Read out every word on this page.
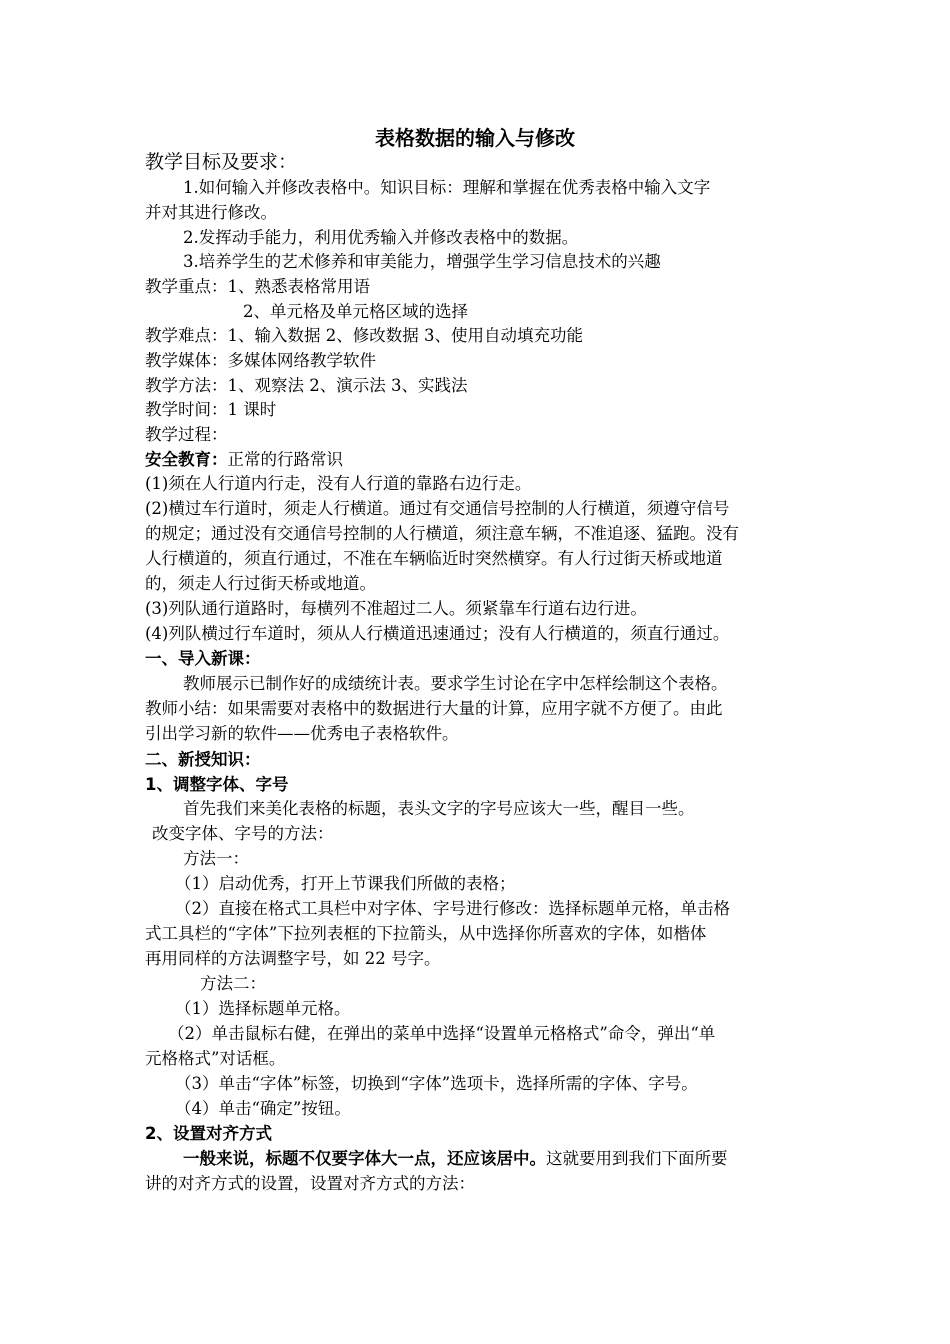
表格数据的输入与修改
教学目标及要求：
1.如何输入并修改表格中。知识目标：理解和掌握在优秀表格中输入文字
并对其进行修改。
2.发挥动手能力，利用优秀输入并修改表格中的数据。
3.培养学生的艺术修养和审美能力，增强学生学习信息技术的兴趣
教学重点：1、熟悉表格常用语
2、单元格及单元格区域的选择
教学难点：1、输入数据 2、修改数据 3、使用自动填充功能
教学媒体：多媒体网络教学软件
教学方法：1、观察法 2、演示法 3、实践法
教学时间：1 课时
教学过程：
安全教育：正常的行路常识
(1)须在人行道内行走，没有人行道的靠路右边行走。
(2)横过车行道时，须走人行横道。通过有交通信号控制的人行横道，须遵守信号
的规定；通过没有交通信号控制的人行横道，须注意车辆，不准追逐、猛跑。没有
人行横道的，须直行通过，不准在车辆临近时突然横穿。有人行过街天桥或地道
的，须走人行过街天桥或地道。
(3)列队通行道路时，每横列不准超过二人。须紧靠车行道右边行进。
(4)列队横过行车道时，须从人行横道迅速通过；没有人行横道的，须直行通过。
一、导入新课：
教师展示已制作好的成绩统计表。要求学生讨论在字中怎样绘制这个表格。
教师小结：如果需要对表格中的数据进行大量的计算，应用字就不方便了。由此
引出学习新的软件——优秀电子表格软件。
二、新授知识：
1、调整字体、字号
首先我们来美化表格的标题，表头文字的字号应该大一些，醒目一些。
改变字体、字号的方法：
方法一：
（1）启动优秀，打开上节课我们所做的表格；
（2）直接在格式工具栏中对字体、字号进行修改：选择标题单元格，单击格
式工具栏的“字体”下拉列表框的下拉箭头，从中选择你所喜欢的字体，如楷体
再用同样的方法调整字号，如 22 号字。
方法二：
（1）选择标题单元格。
（2）单击鼠标右健，在弹出的菜单中选择“设置单元格格式”命令，弹出“单
元格格式”对话框。
（3）单击“字体”标签，切换到“字体”选项卡，选择所需的字体、字号。
（4）单击“确定”按钮。
2、设置对齐方式
一般来说，标题不仅要字体大一点，还应该居中。这就要用到我们下面所要
讲的对齐方式的设置，设置对齐方式的方法：
